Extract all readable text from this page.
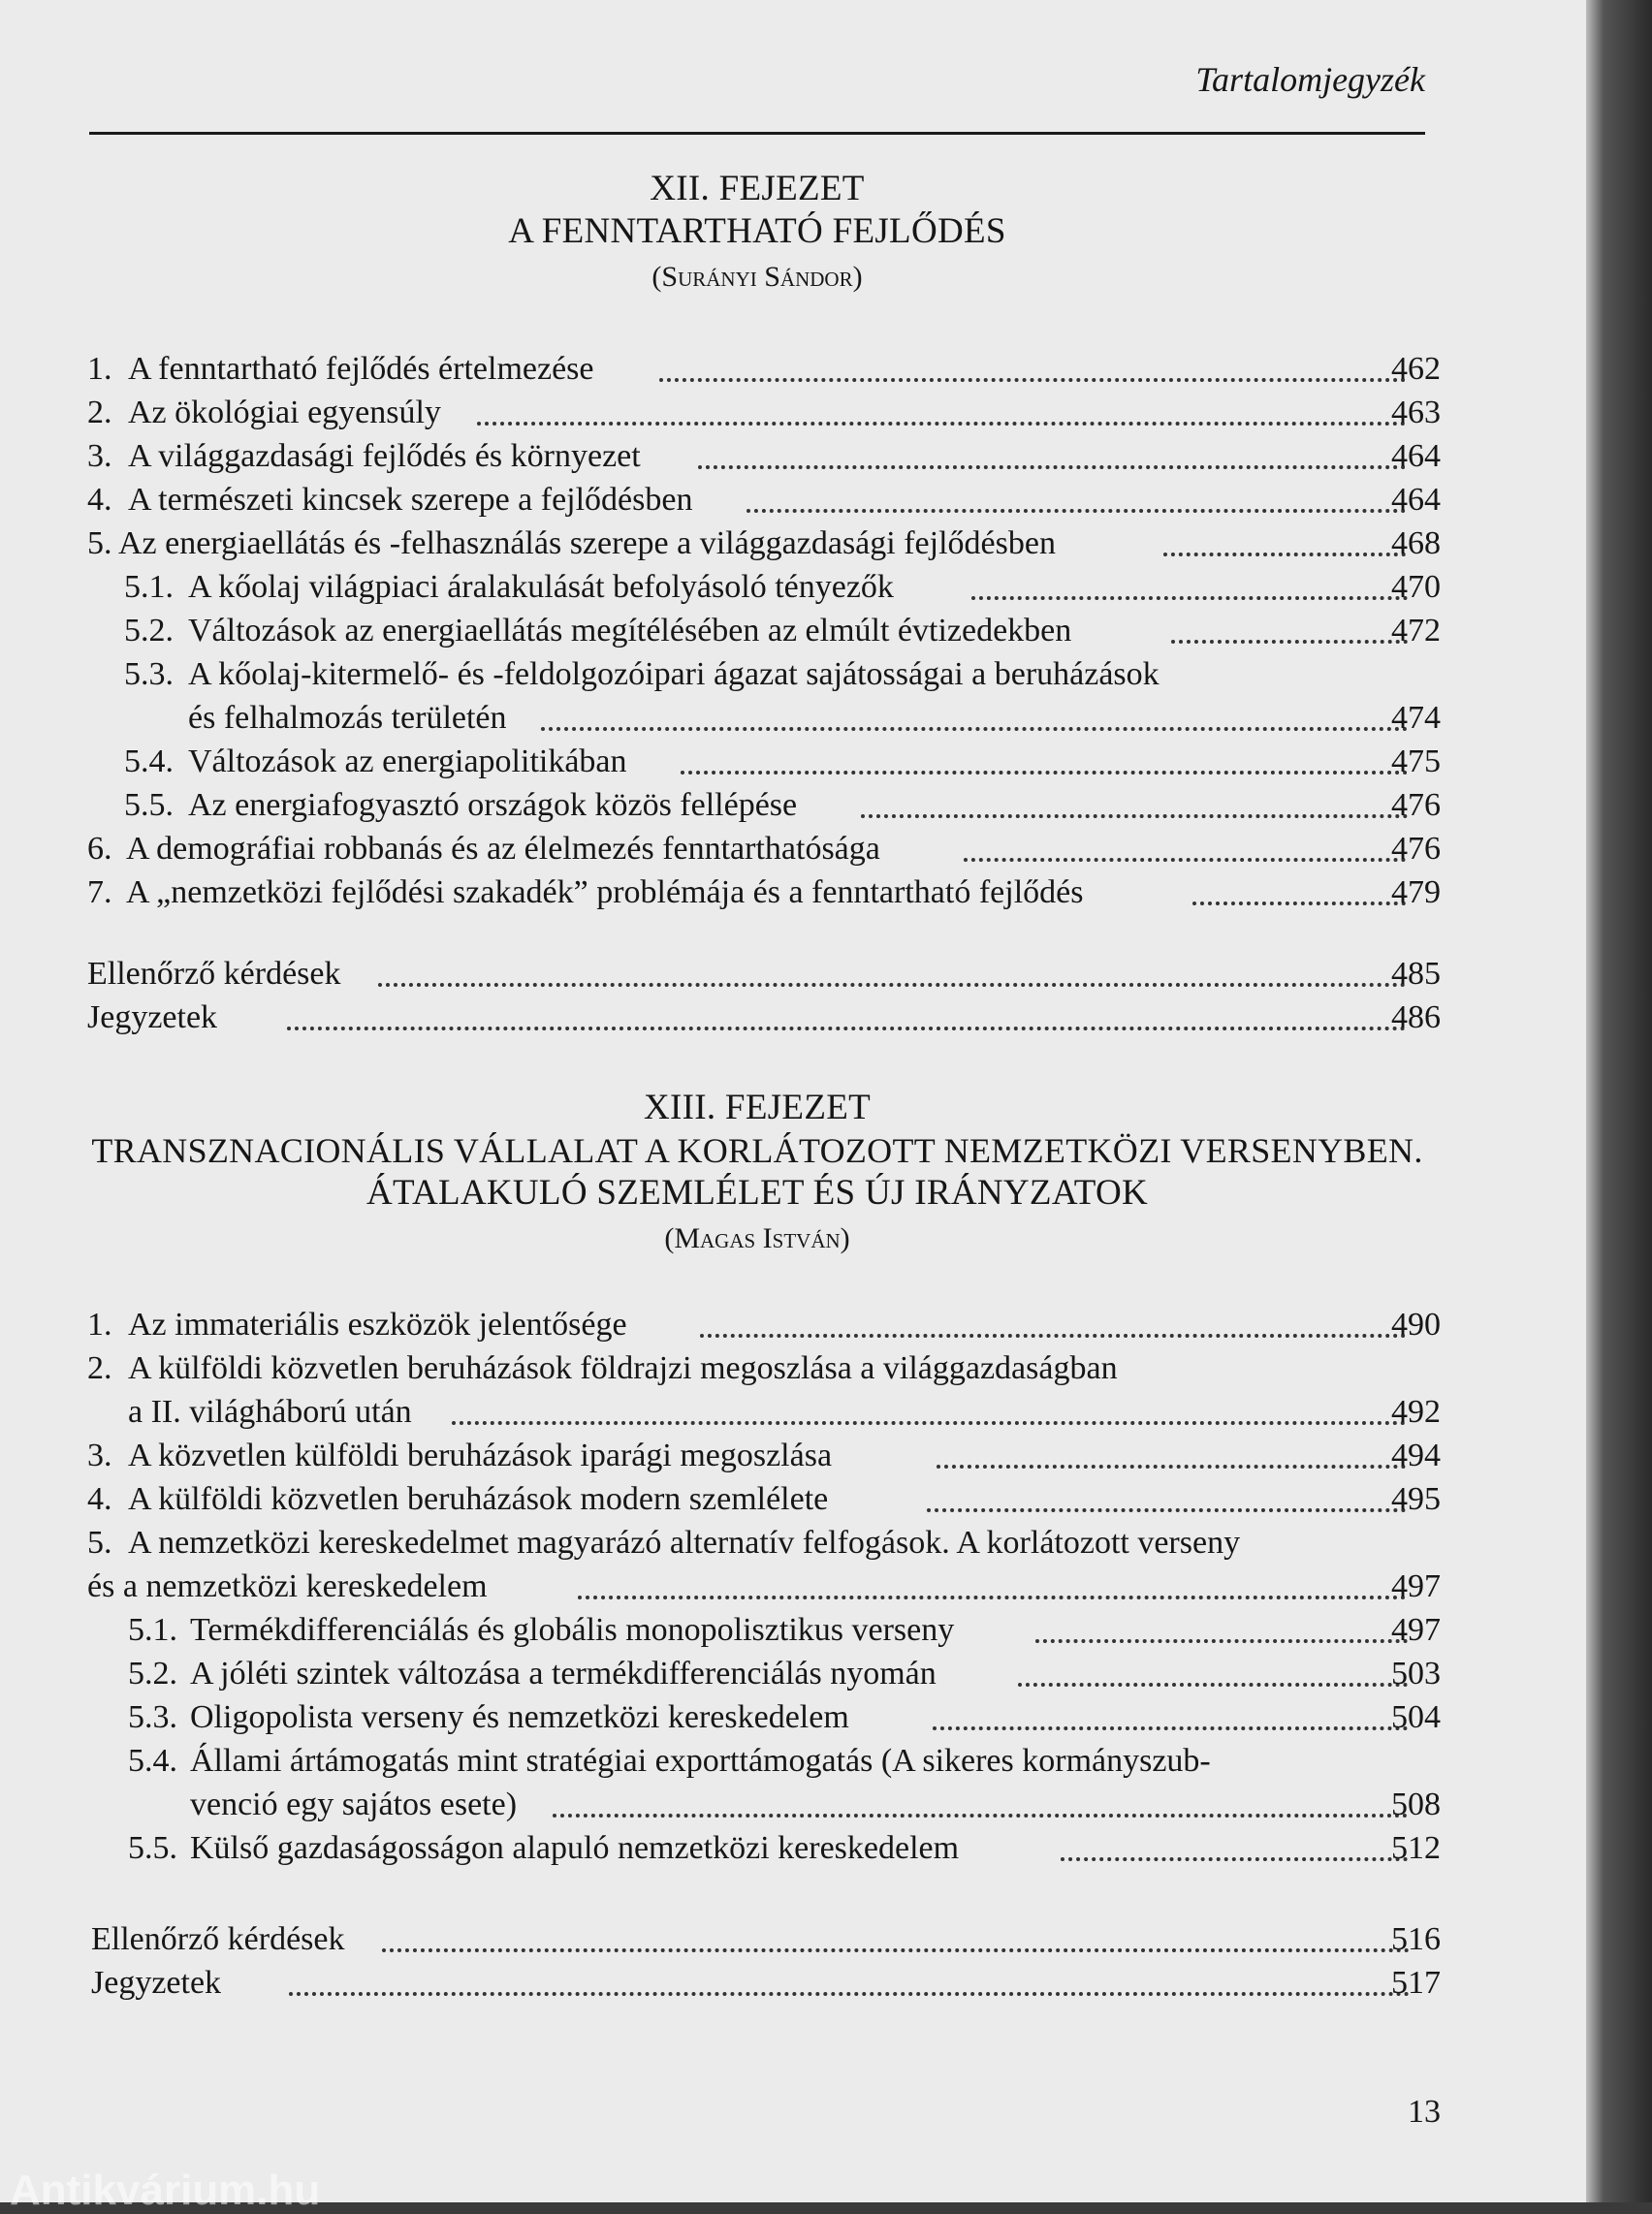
Tartalomjegyzék
XII. FEJEZET
A FENNTARTHATÓ FEJLŐDÉS
(Surányi Sándor)
1. A fenntartható fejlődés értelmezése	462
2. Az ökológiai egyensúly	463
3. A világgazdasági fejlődés és környezet	464
4. A természeti kincsek szerepe a fejlődésben	464
5. Az energiaellátás és -felhasználás szerepe a világgazdasági fejlődésben	468
5.1. A kőolaj világpiaci áralakulását befolyásoló tényezők	470
5.2. Változások az energiaellátás megítélésében az elmúlt évtizedekben	472
5.3. A kőolaj-kitermelő- és -feldolgozóipari ágazat sajátosságai a beruházások
és felhalmozás területén	474
5.4. Változások az energiapolitikában	475
5.5. Az energiafogyasztó országok közös fellépése	476
6. A demográfiai robbanás és az élelmezés fenntarthatósága	476
7. A „nemzetközi fejlődési szakadék” problémája és a fenntartható fejlődés	479
Ellenőrző kérdések	485
Jegyzetek	486
XIII. FEJEZET
TRANSZNACIONÁLIS VÁLLALAT A KORLÁTOZOTT NEMZETKÖZI VERSENYBEN.
ÁTALAKULÓ SZEMLÉLET ÉS ÚJ IRÁNYZATOK
(Magas István)
1. Az immateriális eszközök jelentősége	490
2. A külföldi közvetlen beruházások földrajzi megoszlása a világgazdaságban
a II. világháború után	492
3. A közvetlen külföldi beruházások iparági megoszlása	494
4. A külföldi közvetlen beruházások modern szemlélete	495
5. A nemzetközi kereskedelmet magyarázó alternatív felfogások. A korlátozott verseny
és a nemzetközi kereskedelem	497
5.1. Termékdifferenciálás és globális monopolisztikus verseny	497
5.2. A jóléti szintek változása a termékdifferenciálás nyomán	503
5.3. Oligopolista verseny és nemzetközi kereskedelem	504
5.4. Állami ártámogatás mint stratégiai exporttámogatás (A sikeres kormányszub-
venció egy sajátos esete)	508
5.5. Külső gazdaságosságon alapuló nemzetközi kereskedelem	512
Ellenőrző kérdések	516
Jegyzetek	517
13
Antikvárium.hu
